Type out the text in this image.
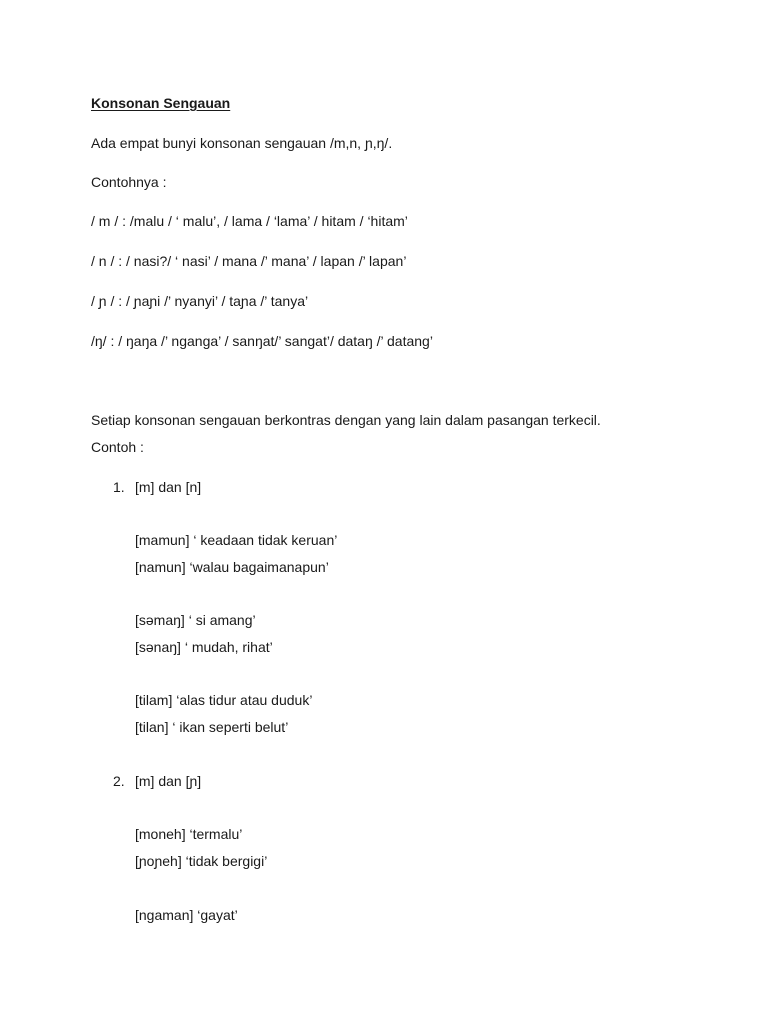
Konsonan Sengauan
Ada empat bunyi konsonan sengauan /m,n, ɲ,ŋ/.
Contohnya :
/ m / : /malu / ‘ malu’, / lama / ‘lama’ / hitam / ‘hitam’
/ n / : / nasi?/ ‘ nasi’ / mana /’ mana’ / lapan /’ lapan’
/ ɲ / : / ɲaɲi /’ nyanyi’ / taɲa /’ tanya’
/ŋ/ : / ŋaŋa /’ nganga’ / sanŋat/’ sangat’/ dataŋ /’ datang’
Setiap konsonan sengauan berkontras dengan yang lain dalam pasangan terkecil.
Contoh :
1. [m] dan [n]
[mamun] ‘ keadaan tidak keruan’
[namun] ‘walau bagaimanapun’
[səmaŋ] ‘ si amang’
[sənaŋ] ‘ mudah, rihat’
[tilam] ‘alas tidur atau duduk’
[tilan] ‘ ikan seperti belut’
2. [m] dan [ɲ]
[moneh] ‘termalu’
[ɲoɲeh] ‘tidak bergigi’
[ngaman] ‘gayat’
